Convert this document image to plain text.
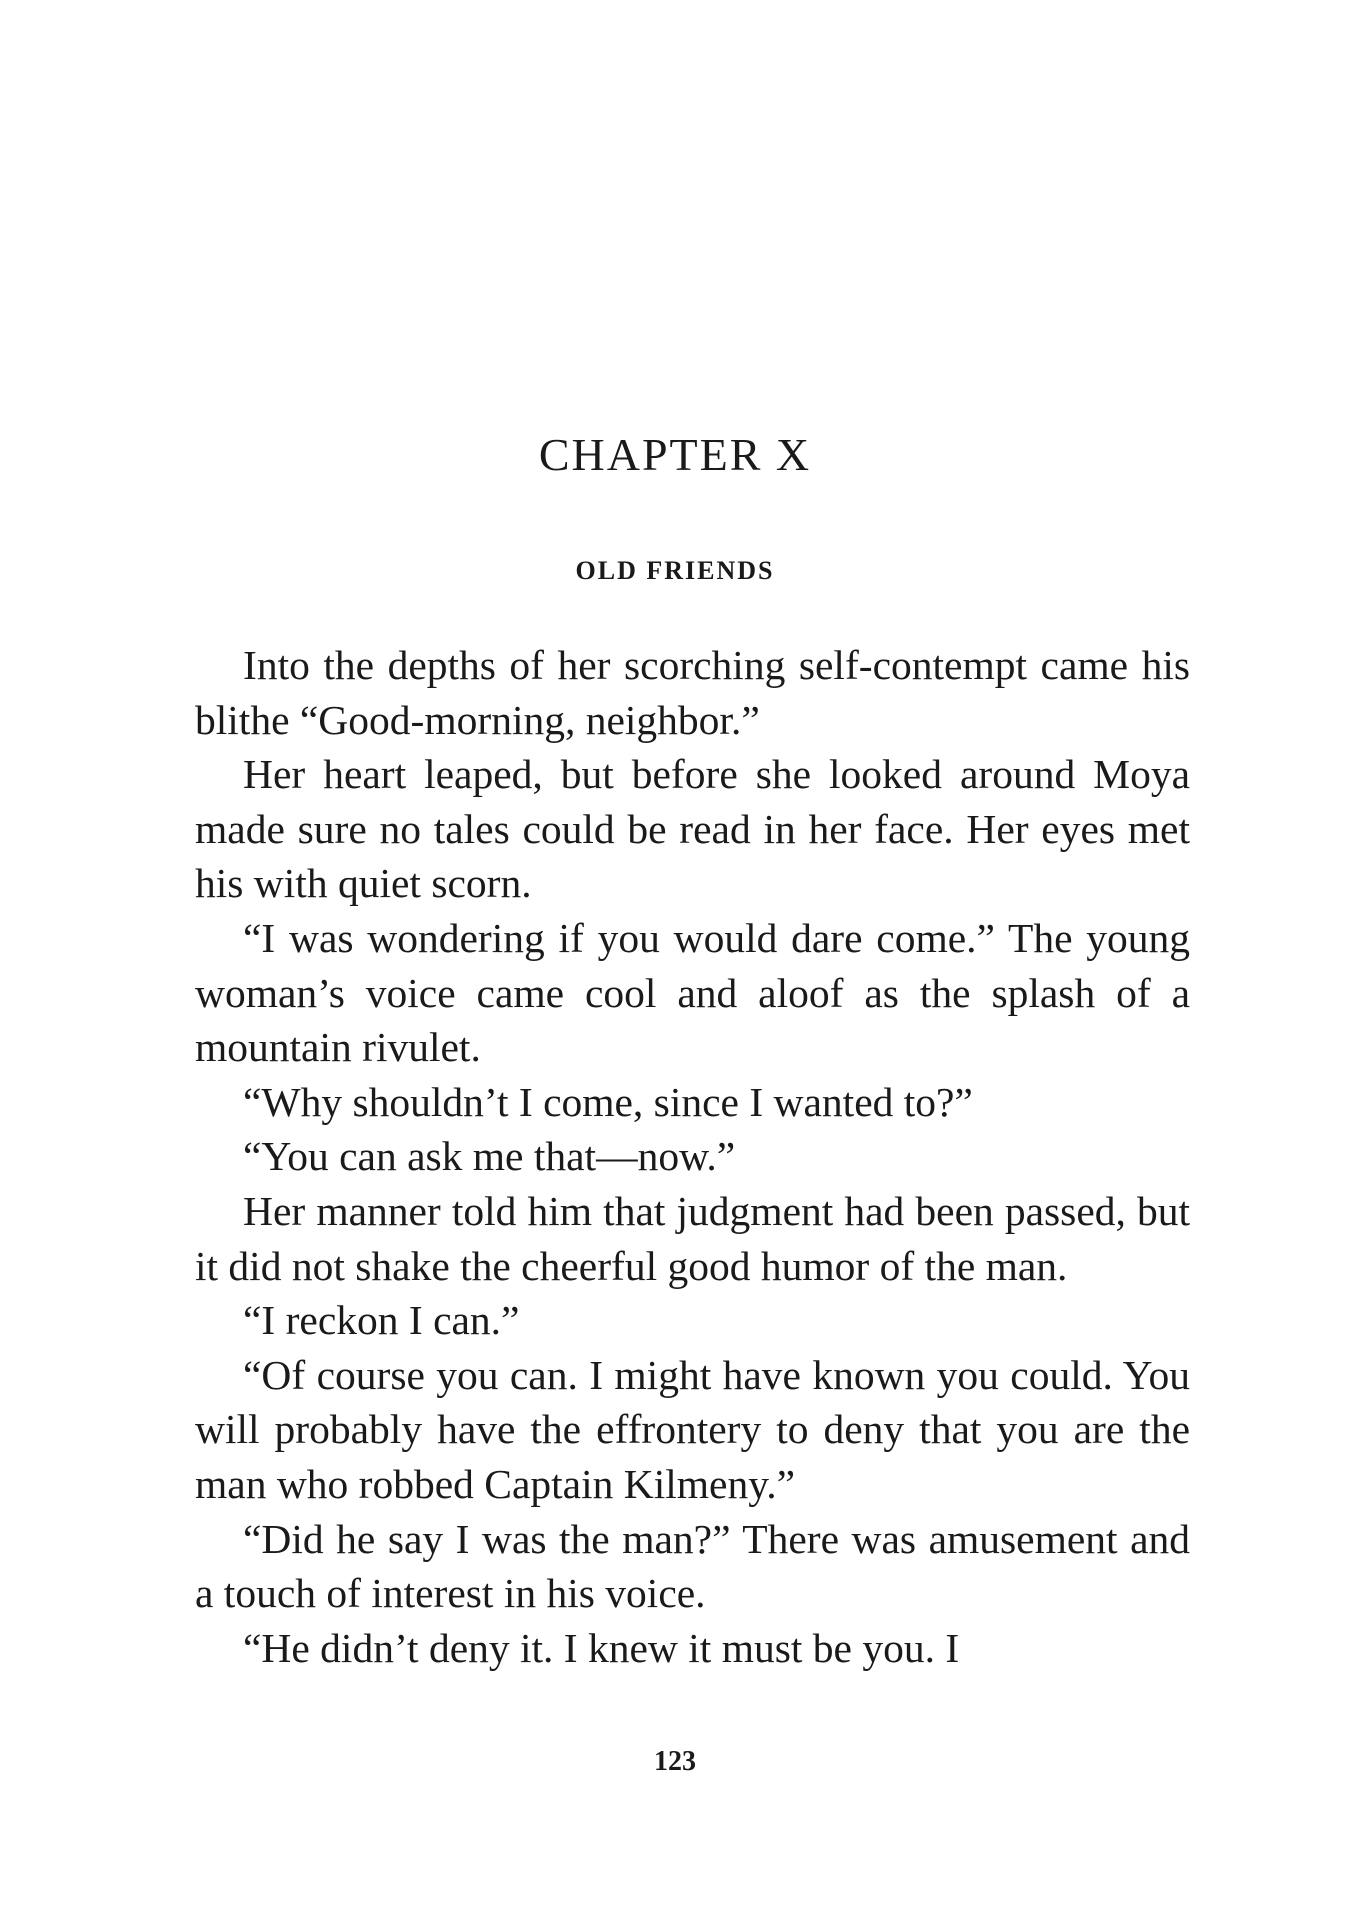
CHAPTER X
OLD FRIENDS

Into the depths of her scorching self-contempt came his blithe “Good-morning, neighbor.”

Her heart leaped, but before she looked around Moya made sure no tales could be read in her face. Her eyes met his with quiet scorn.

“I was wondering if you would dare come.” The young woman’s voice came cool and aloof as the splash of a mountain rivulet.

“Why shouldn’t I come, since I wanted to?”

“You can ask me that—now.”

Her manner told him that judgment had been passed, but it did not shake the cheerful good humor of the man.

“I reckon I can.”

“Of course you can. I might have known you could. You will probably have the effrontery to deny that you are the man who robbed Captain Kilmeny.”

“Did he say I was the man?” There was amusement and a touch of interest in his voice.

“He didn’t deny it. I knew it must be you. I

123
